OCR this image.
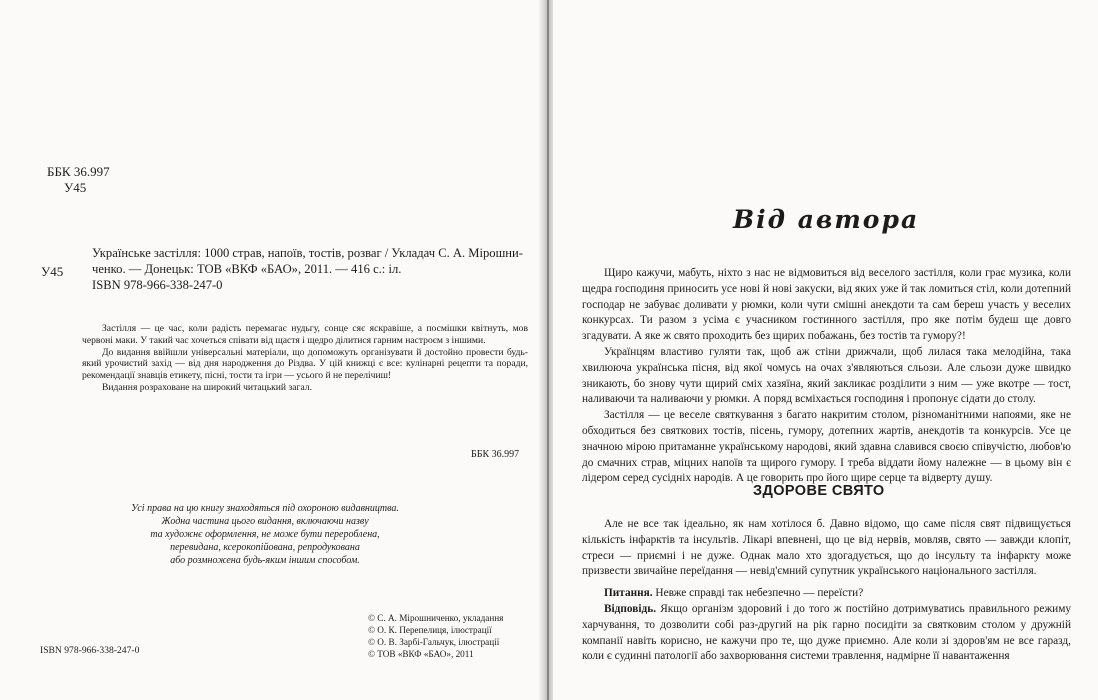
ББК 36.997
У45
У45
Українське застілля: 1000 страв, напоїв, тостів, розваг / Укладач С. А. Мірошни-
ченко. — Донецьк: ТОВ «ВКФ «БАО», 2011. — 416 с.: іл.
ISBN 978-966-338-247-0

Застілля — це час, коли радість перемагає нудьгу, сонце сяє яскравіше, а посмішки квітнуть, мов червоні маки. У такий час хочеться співати від щастя і щедро ділитися гарним настроєм з іншими.

До видання ввійшли універсальні матеріали, що допоможуть організувати й достойно провести будь-який урочистий захід — від дня народження до Різдва. У цій книжці є все: кулінарні рецепти та поради, рекомендації знавців етикету, пісні, тости та ігри — усього й не перелічиш!

Видання розраховане на широкий читацький загал.

ББК 36.997
Усі права на цю книгу знаходяться під охороною видавництва.
Жодна частина цього видання, включаючи назву
та художнє оформлення, не може бути перероблена,
перевидана, ксерокопійована, репродукована
або розмножена будь-яким іншим способом.
ISBN 978-966-338-247-0
© С. А. Мірошниченко, укладання
© О. К. Перепелиця, ілюстрації
© О. В. Зарбі-Гальчук, ілюстрації
© ТОВ «ВКФ «БАО», 2011
Від автора

Щиро кажучи, мабуть, ніхто з нас не відмовиться від веселого застілля, коли грає музика, коли щедра господиня приносить усе нові й нові закуски, від яких уже й так ломиться стіл, коли дотепний господар не забуває доливати у рюмки, коли чути смішні анекдоти та сам береш участь у веселих конкурсах. Ти разом з усіма є учасником гостинного застілля, про яке потім будеш ще довго згадувати. А яке ж свято проходить без щирих побажань, без тостів та гумору?!

Українцям властиво гуляти так, щоб аж стіни дрижчали, щоб лилася така мелодійна, така хвилююча українська пісня, від якої чомусь на очах з'являються сльози. Але сльози дуже швидко зникають, бо знову чути щирий сміх хазяїна, який закликає розділити з ним — уже вкотре — тост, наливаючи та наливаючи у рюмки. А поряд всміхається господиня і пропонує сідати до столу.

Застілля — це веселе святкування з багато накритим столом, різноманітними напоями, яке не обходиться без святкових тостів, пісень, гумору, дотепних жартів, анекдотів та конкурсів. Усе це значною мірою притаманне українському народові, який здавна славився своєю співучістю, любов'ю до смачних страв, міцних напоїв та щирого гумору. І треба віддати йому належне — в цьому він є лідером серед сусідніх народів. А це говорить про його щире серце та відверту душу.

ЗДОРОВЕ СВЯТО

Але не все так ідеально, як нам хотілося б. Давно відомо, що саме після свят підвищується кількість інфарктів та інсультів. Лікарі впевнені, що це від нервів, мовляв, свято — завжди клопіт, стреси — приємні і не дуже. Однак мало хто здогадується, що до інсульту та інфаркту може призвести звичайне переїдання — невід'ємний супутник українського національного застілля.

Питання. Невже справді так небезпечно — переїсти?

Відповідь. Якщо організм здоровий і до того ж постійно дотримуватись правильного режиму харчування, то дозволити собі раз-другий на рік гарно посидіти за святковим столом у дружній компанії навіть корисно, не кажучи про те, що дуже приємно. Але коли зі здоров'ям не все гаразд, коли є судинні патології або захворювання системи травлення, надмірне її навантаження
